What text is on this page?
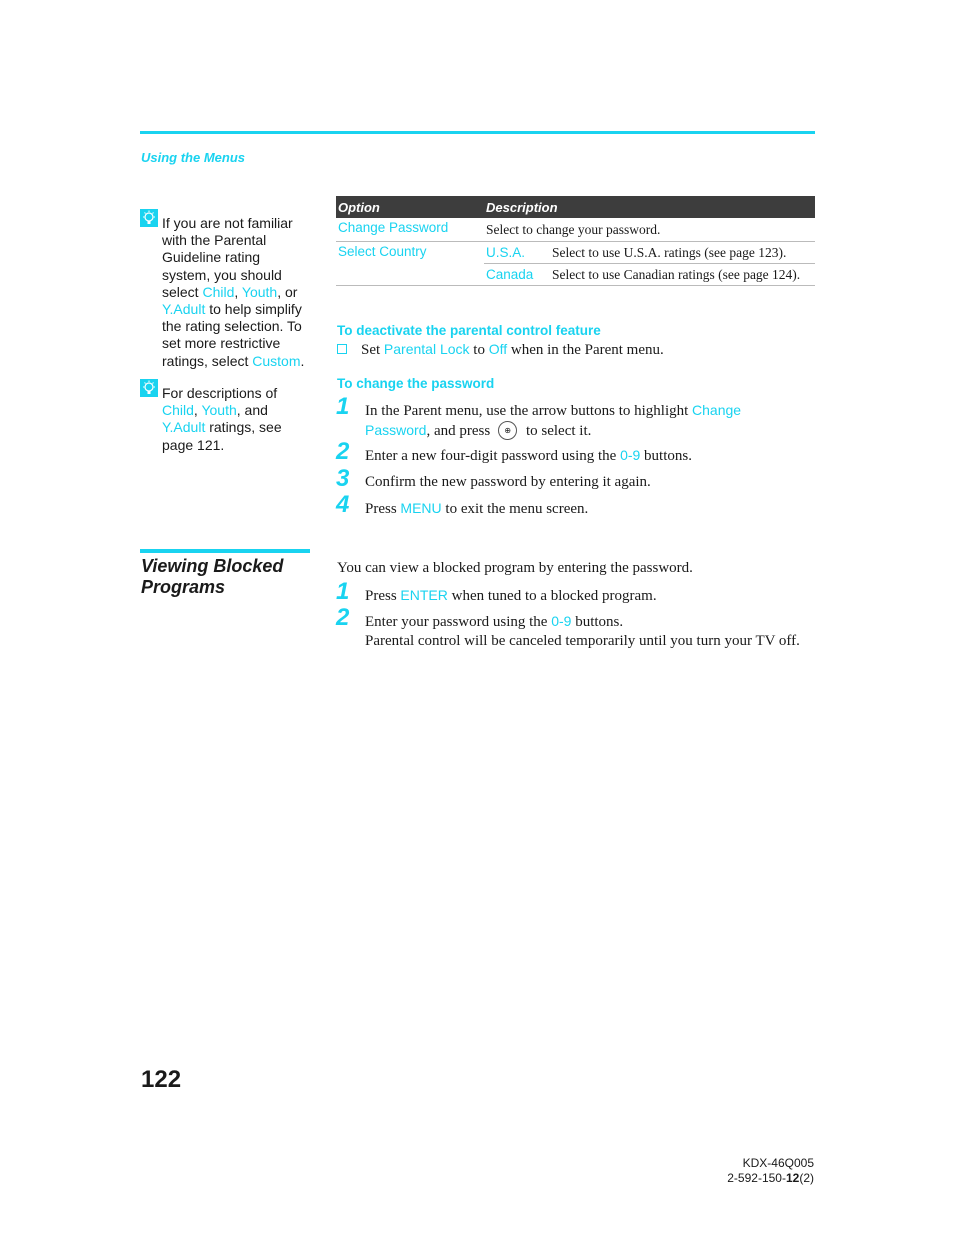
Using the Menus
If you are not familiar with the Parental Guideline rating system, you should select Child, Youth, or Y.Adult to help simplify the rating selection. To set more restrictive ratings, select Custom.
For descriptions of Child, Youth, and Y.Adult ratings, see page 121.
Option	Description	
Change Password	Select to change your password.	
Select Country	U.S.A.	Select to use U.S.A. ratings (see page 123).
	Canada	Select to use Canadian ratings (see page 124).
To deactivate the parental control feature
Set Parental Lock to Off when in the Parent menu.
To change the password
1 In the Parent menu, use the arrow buttons to highlight Change
Password, and press ⊕ to select it.
2 Enter a new four-digit password using the 0-9 buttons.
3 Confirm the new password by entering it again.
4 Press MENU to exit the menu screen.
Viewing Blocked
Programs
You can view a blocked program by entering the password.
1 Press ENTER when tuned to a blocked program.
2 Enter your password using the 0-9 buttons.
Parental control will be canceled temporarily until you turn your TV off.
122
KDX-46Q005
2-592-150-12(2)
